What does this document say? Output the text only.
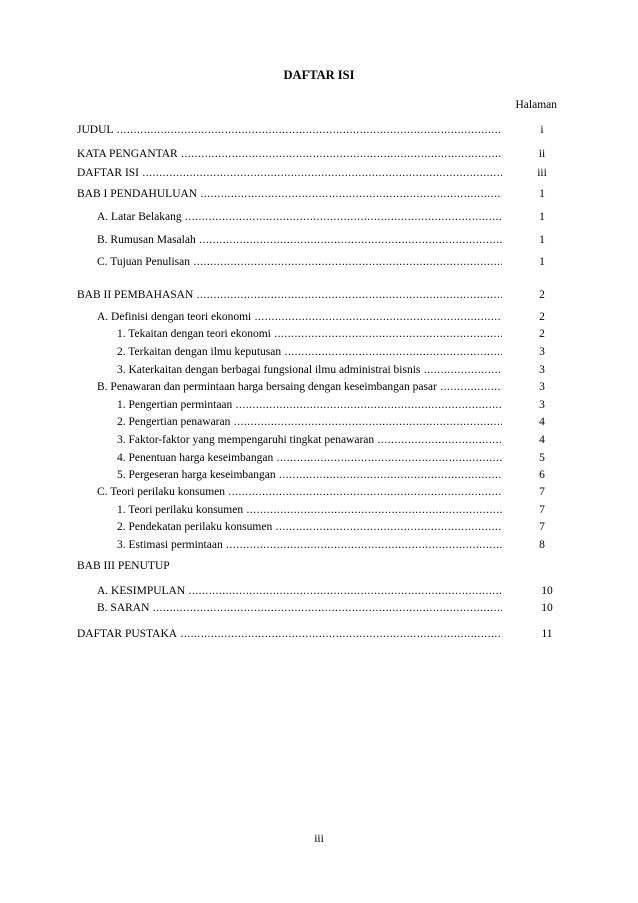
DAFTAR ISI
Halaman
JUDUL .....	i
KATA PENGANTAR .....	ii
DAFTAR ISI .....	iii
BAB I PENDAHULUAN .....	1
A. Latar Belakang .....	1
B. Rumusan Masalah .....	1
C. Tujuan Penulisan .....	1
BAB II PEMBAHASAN .....	2
A. Definisi dengan teori ekonomi .....	2
1. Tekaitan dengan teori ekonomi .....	2
2. Terkaitan dengan ilmu keputusan .....	3
3. Katerkaitan dengan berbagai fungsional ilmu administrai bisnis .....	3
B. Penawaran dan permintaan harga bersaing dengan keseimbangan pasar .....	3
1. Pengertian permintaan .....	3
2. Pengertian penawaran .....	4
3. Faktor-faktor yang mempengaruhi tingkat penawaran .....	4
4. Penentuan harga keseimbangan .....	5
5. Pergeseran harga keseimbangan .....	6
C. Teori perilaku konsumen .....	7
1. Teori perilaku konsumen .....	7
2. Pendekatan perilaku konsumen .....	7
3. Estimasi permintaan .....	8
BAB III PENUTUP
A. KESIMPULAN .....	10
B. SARAN .....	10
DAFTAR PUSTAKA .....	11
iii
